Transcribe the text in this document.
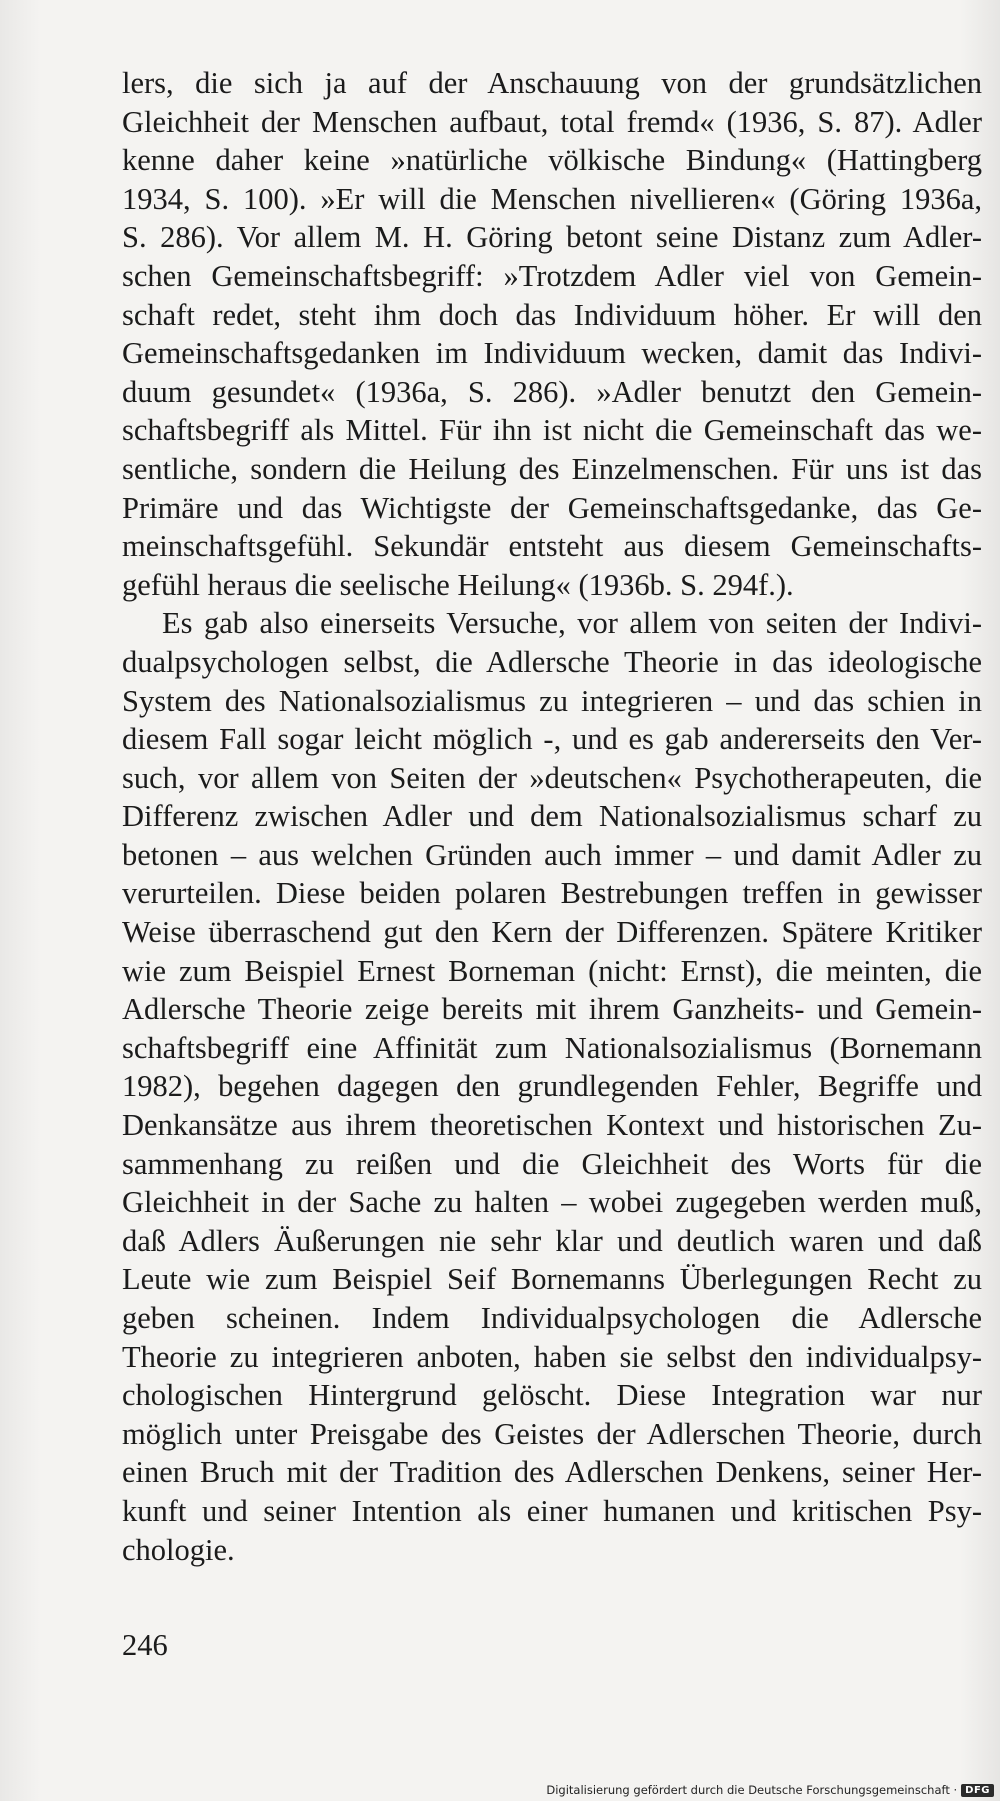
lers, die sich ja auf der Anschauung von der grundsätzlichen
Gleichheit der Menschen aufbaut, total fremd« (1936, S. 87). Adler
kenne daher keine »natürliche völkische Bindung« (Hattingberg
1934, S. 100). »Er will die Menschen nivellieren« (Göring 1936a,
S. 286). Vor allem M. H. Göring betont seine Distanz zum Adler-
schen Gemeinschaftsbegriff: »Trotzdem Adler viel von Gemein-
schaft redet, steht ihm doch das Individuum höher. Er will den
Gemeinschaftsgedanken im Individuum wecken, damit das Indivi-
duum gesundet« (1936a, S. 286). »Adler benutzt den Gemein-
schaftsbegriff als Mittel. Für ihn ist nicht die Gemeinschaft das we-
sentliche, sondern die Heilung des Einzelmenschen. Für uns ist das
Primäre und das Wichtigste der Gemeinschaftsgedanke, das Ge-
meinschaftsgefühl. Sekundär entsteht aus diesem Gemeinschafts-
gefühl heraus die seelische Heilung« (1936b. S. 294f.).
Es gab also einerseits Versuche, vor allem von seiten der Indivi-
dualpsychologen selbst, die Adlersche Theorie in das ideologische
System des Nationalsozialismus zu integrieren – und das schien in
diesem Fall sogar leicht möglich -, und es gab andererseits den Ver-
such, vor allem von Seiten der »deutschen« Psychotherapeuten, die
Differenz zwischen Adler und dem Nationalsozialismus scharf zu
betonen – aus welchen Gründen auch immer – und damit Adler zu
verurteilen. Diese beiden polaren Bestrebungen treffen in gewisser
Weise überraschend gut den Kern der Differenzen. Spätere Kritiker
wie zum Beispiel Ernest Borneman (nicht: Ernst), die meinten, die
Adlersche Theorie zeige bereits mit ihrem Ganzheits- und Gemein-
schaftsbegriff eine Affinität zum Nationalsozialismus (Bornemann
1982), begehen dagegen den grundlegenden Fehler, Begriffe und
Denkansätze aus ihrem theoretischen Kontext und historischen Zu-
sammenhang zu reißen und die Gleichheit des Worts für die
Gleichheit in der Sache zu halten – wobei zugegeben werden muß,
daß Adlers Äußerungen nie sehr klar und deutlich waren und daß
Leute wie zum Beispiel Seif Bornemanns Überlegungen Recht zu
geben scheinen. Indem Individualpsychologen die Adlersche
Theorie zu integrieren anboten, haben sie selbst den individualpsy-
chologischen Hintergrund gelöscht. Diese Integration war nur
möglich unter Preisgabe des Geistes der Adlerschen Theorie, durch
einen Bruch mit der Tradition des Adlerschen Denkens, seiner Her-
kunft und seiner Intention als einer humanen und kritischen Psy-
chologie.
246
Digitalisierung gefördert durch die Deutsche Forschungsgemeinschaft · DFG
